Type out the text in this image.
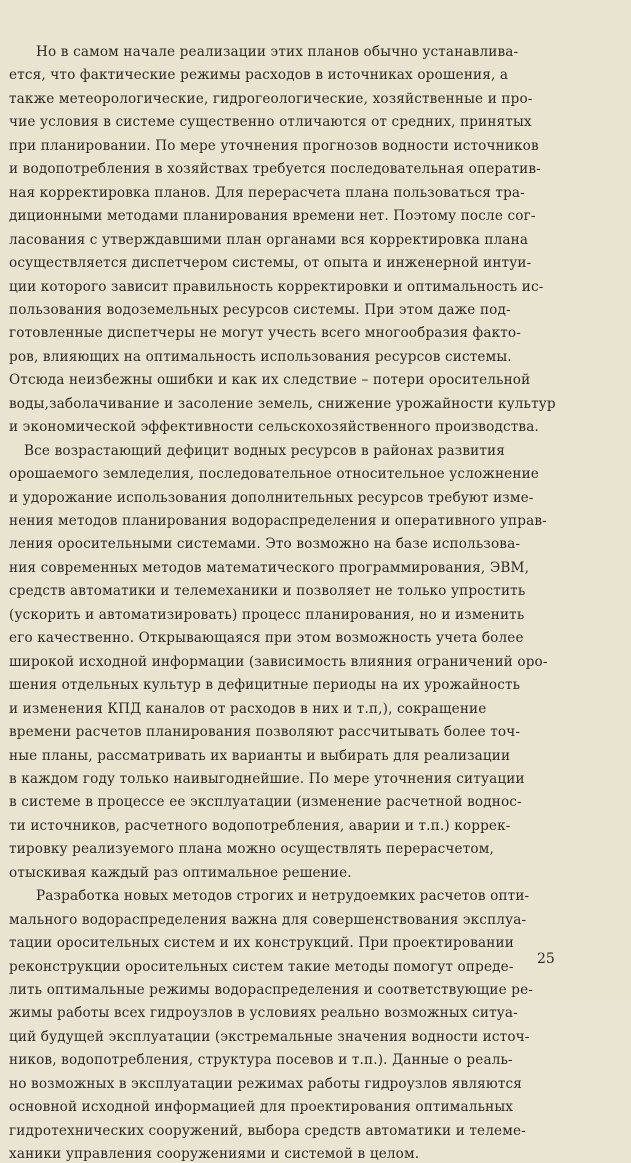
Но в самом начале реализации этих планов обычно устанавлива-
ется, что фактические режимы расходов в источниках орошения, а
также метеорологические, гидрогеологические, хозяйственные и про-
чие условия в системе существенно отличаются от средних, принятых
при планировании. По мере уточнения прогнозов водности источников
и водопотребления в хозяйствах требуется последовательная оператив-
ная корректировка планов. Для перерасчета плана пользоваться тра-
диционными методами планирования времени нет. Поэтому после сог-
ласования с утверждавшими план органами вся корректировка плана
осуществляется диспетчером системы, от опыта и инженерной интуи-
ции которого зависит правильность корректировки и оптимальность ис-
пользования водоземельных ресурсов системы. При этом даже под-
готовленные диспетчеры не могут учесть всего многообразия факто-
ров, влияющих на оптимальность использования ресурсов системы.
Отсюда неизбежны ошибки и как их следствие – потери оросительной
воды,заболачивание и засоление земель, снижение урожайности культур
и экономической эффективности сельскохозяйственного производства.
Все возрастающий дефицит водных ресурсов в районах развития
орошаемого земледелия, последовательное относительное усложнение
и удорожание использования дополнительных ресурсов требуют изме-
нения методов планирования водораспределения и оперативного управ-
ления оросительными системами. Это возможно на базе использова-
ния современных методов математического программирования, ЭВМ,
средств автоматики и телемеханики и позволяет не только упростить
(ускорить и автоматизировать) процесс планирования, но и изменить
его качественно. Открывающаяся при этом возможность учета более
широкой исходной информации (зависимость влияния ограничений оро-
шения отдельных культур в дефицитные периоды на их урожайность
и изменения КПД каналов от расходов в них и т.п,), сокращение
времени расчетов планирования позволяют рассчитывать более точ-
ные планы, рассматривать их варианты и выбирать для реализации
в каждом году только наивыгоднейшие. По мере уточнения ситуации
в системе в процессе ее эксплуатации (изменение расчетной воднос-
ти источников, расчетного водопотребления, аварии и т.п.) коррек-
тировку реализуемого плана можно осуществлять перерасчетом,
отыскивая каждый раз оптимальное решение.
Разработка новых методов строгих и нетрудоемких расчетов опти-
мального водораспределения важна для совершенствования эксплуа-
тации оросительных систем и их конструкций. При проектировании
реконструкции оросительных систем такие методы помогут опреде-
лить оптимальные режимы водораспределения и соответствующие ре-
жимы работы всех гидроузлов в условиях реально возможных ситуа-
ций будущей эксплуатации (экстремальные значения водности источ-
ников, водопотребления, структура посевов и т.п.). Данные о реаль-
но возможных в эксплуатации режимах работы гидроузлов являются
основной исходной информацией для проектирования оптимальных
гидротехнических сооружений, выбора средств автоматики и телеме-
ханики управления сооружениями и системой в целом.
25
